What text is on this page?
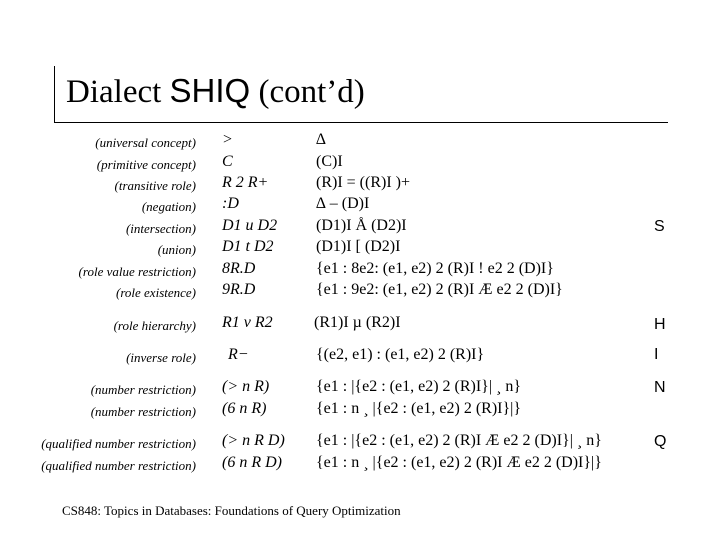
Dialect SHIQ (cont’d)
(universal concept)
(primitive concept)
(transitive role)
(negation)
(intersection)
(union)
(role value restriction)
(role existence)
(role hierarchy)
(inverse role)
(number restriction)
(number restriction)
(qualified number restriction)
(qualified number restriction)
>
C
R 2 R+
:D
D1 u D2
D1 t D2
8R.D
9R.D
R1 v R2
R−
(> n R)
(6 n R)
(> n R D)
(6 n R D)
∆
(C)I
(R)I = ((R)I )+
∆ – (D)I
(D1)I Å (D2)I
(D1)I [ (D2)I
{e1 : 8e2: (e1, e2) 2 (R)I ! e2 2 (D)I}
{e1 : 9e2: (e1, e2) 2 (R)I Æ e2 2 (D)I}
(R1)I µ (R2)I
{(e2, e1) : (e1, e2) 2 (R)I}
{e1 : |{e2 : (e1, e2) 2 (R)I}| ¸ n}
{e1 : n ¸ |{e2 : (e1, e2) 2 (R)I}|}
{e1 : |{e2 : (e1, e2) 2 (R)I Æ e2 2 (D)I}| ¸ n}
{e1 : n ¸ |{e2 : (e1, e2) 2 (R)I Æ e2 2 (D)I}|}
S
H
I
N
Q
CS848: Topics in Databases: Foundations of Query Optimization
